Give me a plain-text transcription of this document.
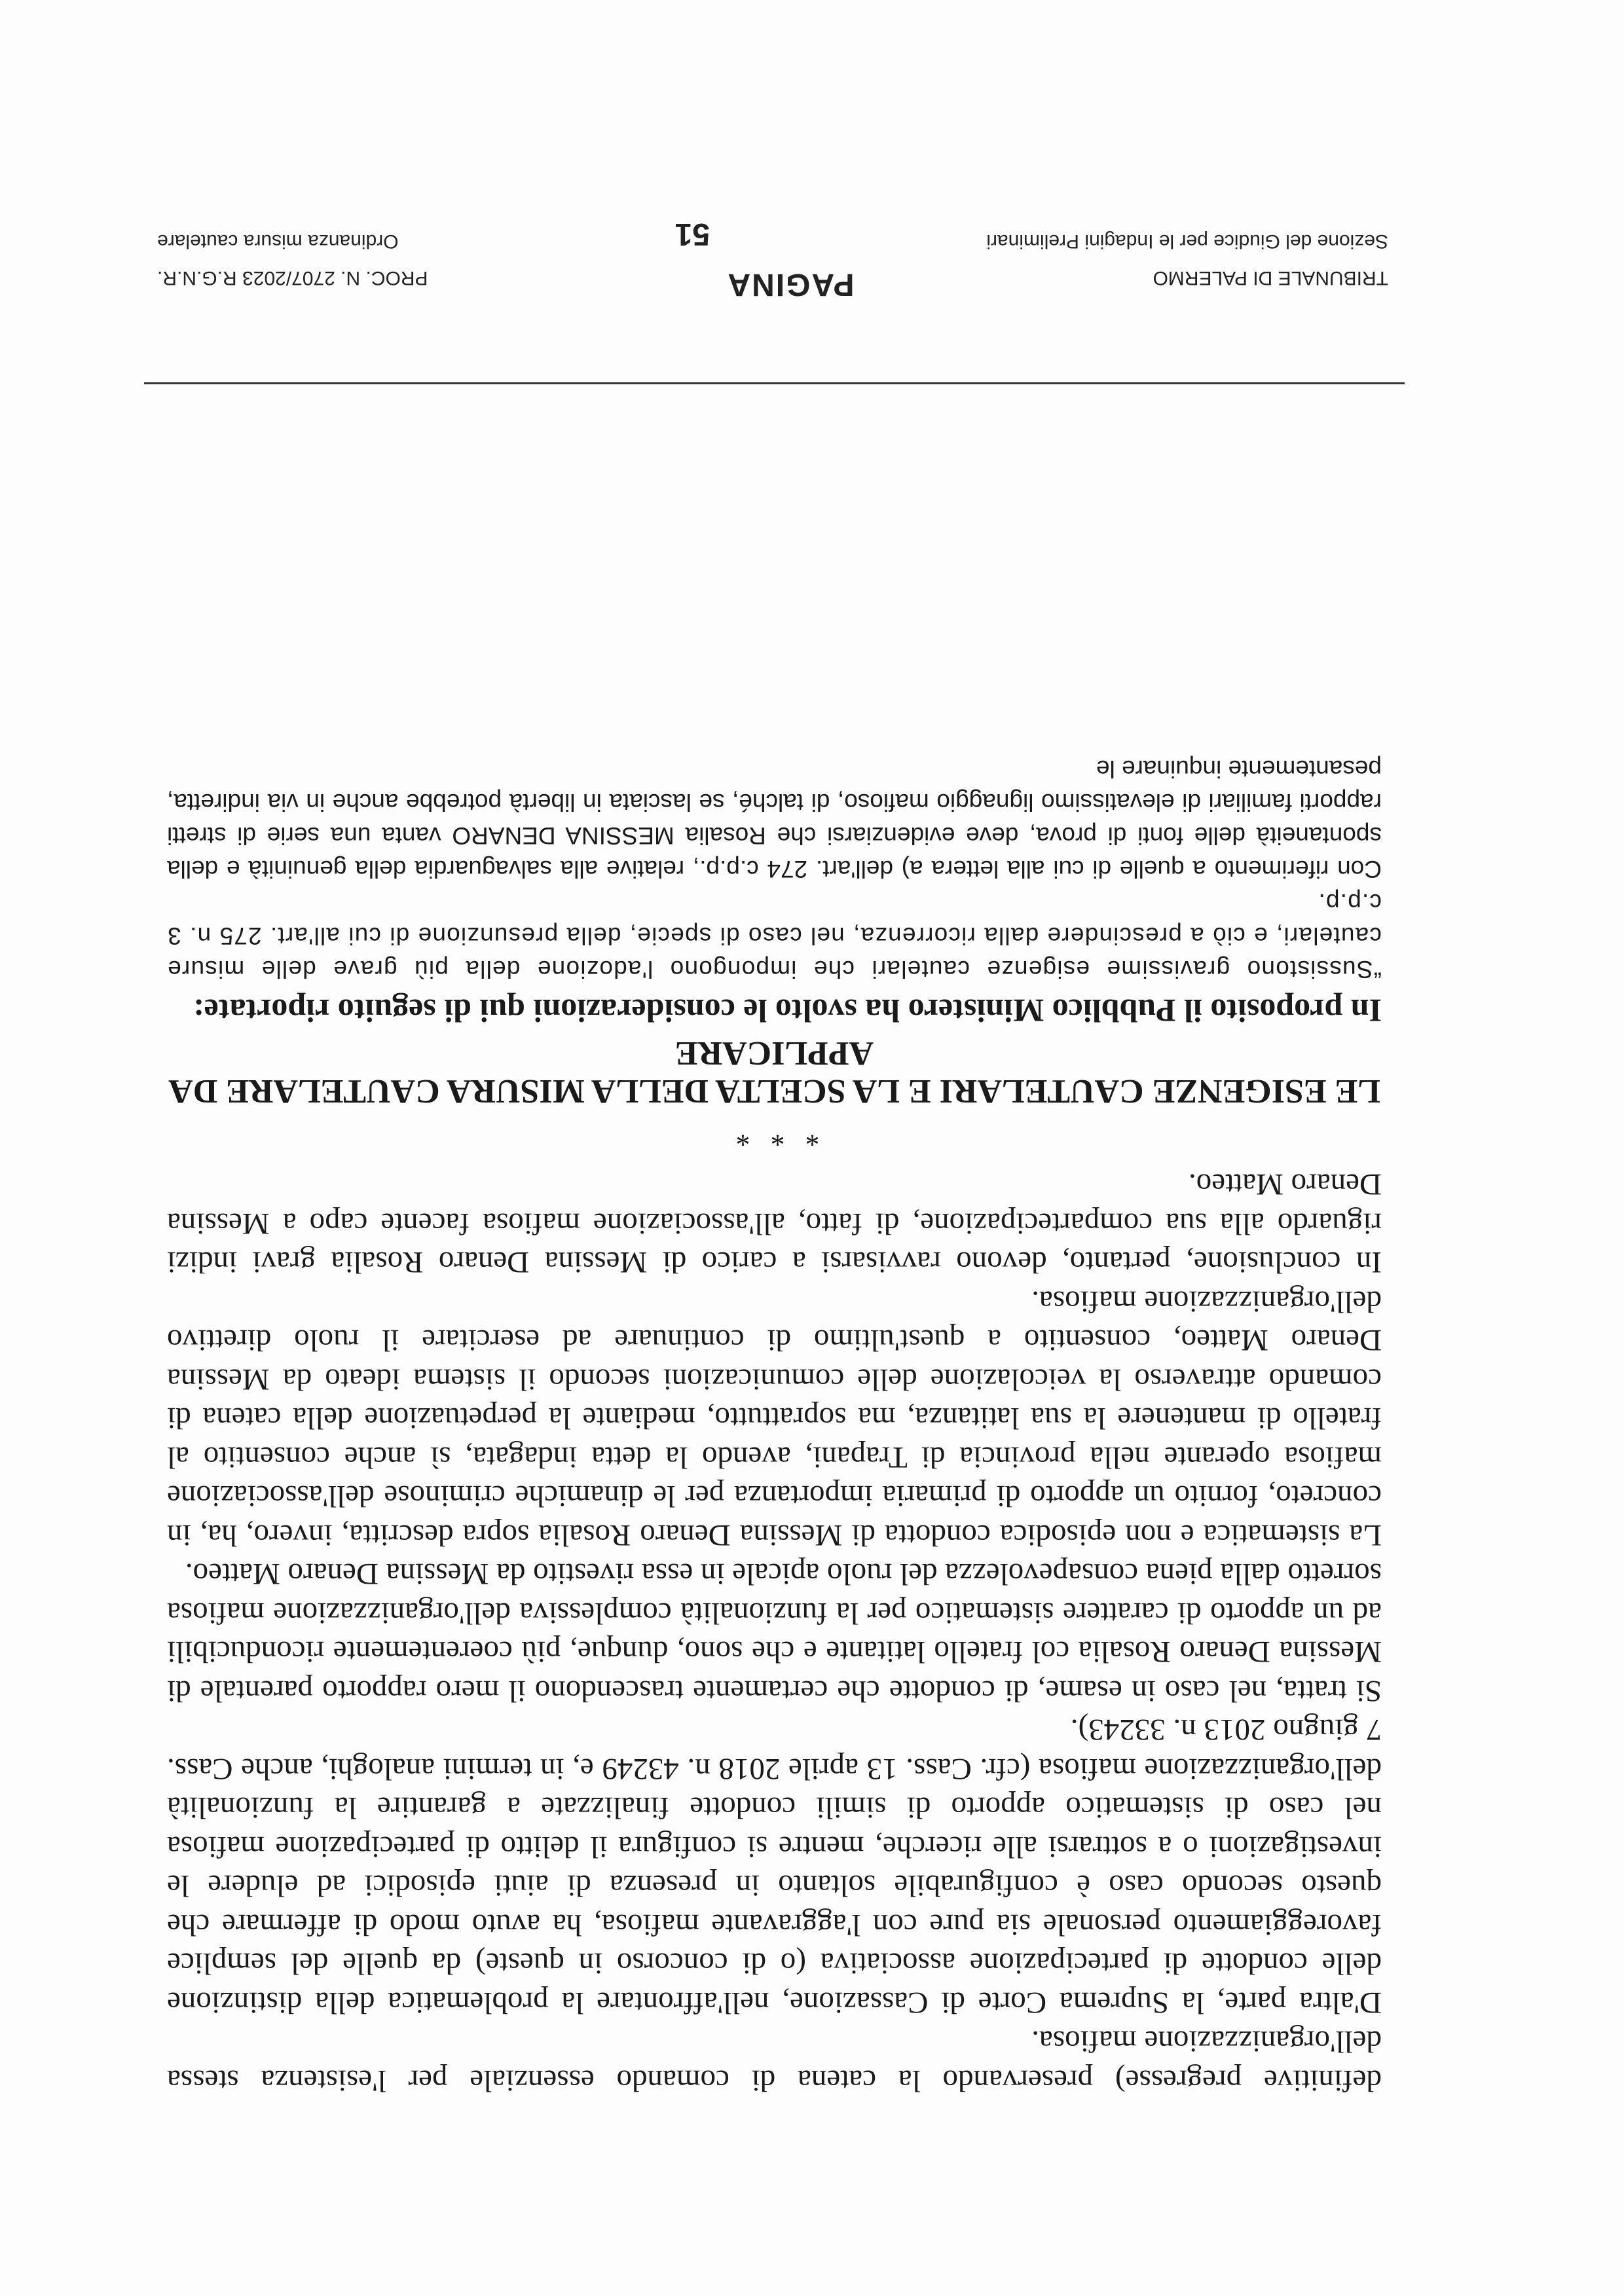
TRIBUNALE DI PALERMO
PAGINA
PROC. N. 2707/2023 R.G.N.R.
Sezione del Giudice per le Indagini Preliminari
51
Ordinanza misura cautelare

definitive pregresse) preservando la catena di comando essenziale per l'esistenza stessa dell'organizzazione mafiosa.

D'altra parte, la Suprema Corte di Cassazione, nell'affrontare la problematica della distinzione delle condotte di partecipazione associativa (o di concorso in queste) da quelle del semplice favoreggiamento personale sia pure con l'aggravante mafiosa, ha avuto modo di affermare che questo secondo caso è configurabile soltanto in presenza di aiuti episodici ad eludere le investigazioni o a sottrarsi alle ricerche, mentre si configura il delitto di partecipazione mafiosa nel caso di sistematico apporto di simili condotte finalizzate a garantire la funzionalità dell'organizzazione mafiosa (cfr. Cass. 13 aprile 2018 n. 43249 e, in termini analoghi, anche Cass. 7 giugno 2013 n. 33243).

Si tratta, nel caso in esame, di condotte che certamente trascendono il mero rapporto parentale di Messina Denaro Rosalia col fratello latitante e che sono, dunque, più coerentemente riconducibili ad un apporto di carattere sistematico per la funzionalità complessiva dell'organizzazione mafiosa sorretto dalla piena consapevolezza del ruolo apicale in essa rivestito da Messina Denaro Matteo.

La sistematica e non episodica condotta di Messina Denaro Rosalia sopra descritta, invero, ha, in concreto, fornito un apporto di primaria importanza per le dinamiche criminose dell'associazione mafiosa operante nella provincia di Trapani, avendo la detta indagata, sì anche consentito al fratello di mantenere la sua latitanza, ma soprattutto, mediante la perpetuazione della catena di comando attraverso la veicolazione delle comunicazioni secondo il sistema ideato da Messina Denaro Matteo, consentito a quest'ultimo di continuare ad esercitare il ruolo direttivo dell'organizzazione mafiosa.

In conclusione, pertanto, devono ravvisarsi a carico di Messina Denaro Rosalia gravi indizi riguardo alla sua compartecipazione, di fatto, all'associazione mafiosa facente capo a Messina Denaro Matteo.

* * *
LE ESIGENZE CAUTELARI E LA SCELTA DELLA MISURA CAUTELARE DA APPLICARE

In proposito il Pubblico Ministero ha svolto le considerazioni qui di seguito riportate:

“Sussistono gravissime esigenze cautelari che impongono l'adozione della più grave delle misure cautelari, e ciò a prescindere dalla ricorrenza, nel caso di specie, della presunzione di cui all'art. 275 n. 3 c.p.p.

Con riferimento a quelle di cui alla lettera a) dell'art. 274 c.p.p., relative alla salvaguardia della genuinità e della spontaneità delle fonti di prova, deve evidenziarsi che Rosalia MESSINA DENARO vanta una serie di stretti rapporti familiari di elevatissimo lignaggio mafioso, di talché, se lasciata in libertà potrebbe anche in via indiretta, pesantemente inquinare le
